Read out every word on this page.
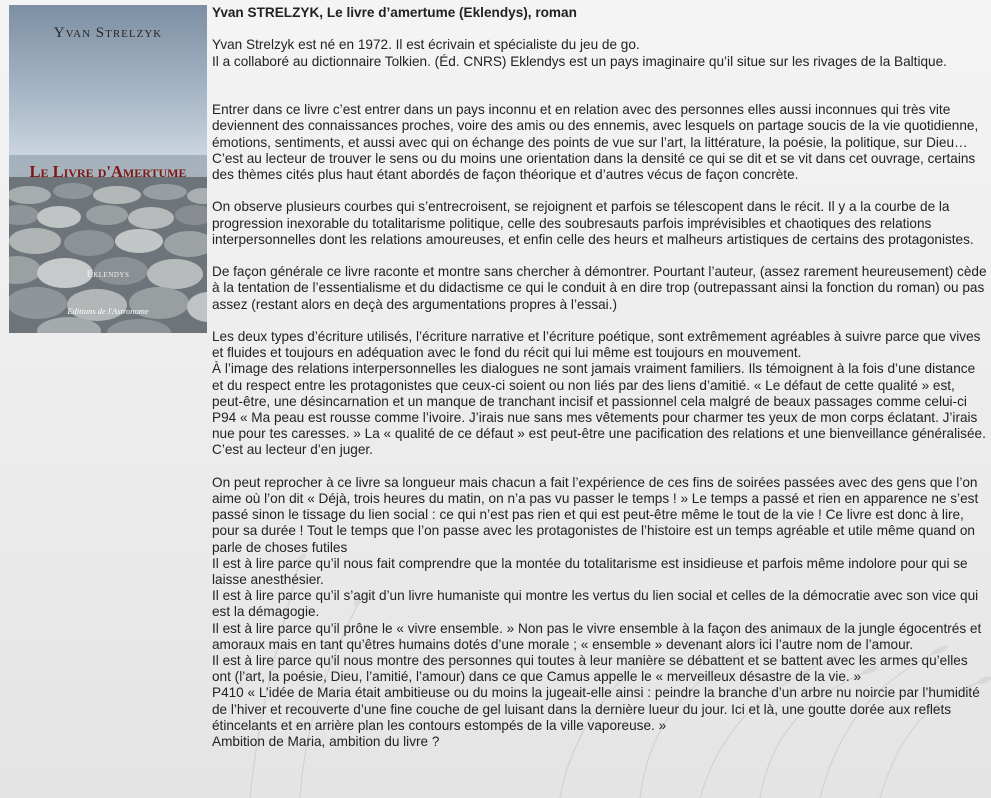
Yvan Strelzyk
Le Livre d'Amertume
Eklendys
Editions de l'Astronome
Yvan STRELZYK, Le livre d’amertume (Eklendys), roman

Yvan Strelzyk est né en 1972. Il est écrivain et spécialiste du jeu de go.

Il a collaboré au dictionnaire Tolkien. (Éd. CNRS) Eklendys est un pays imaginaire qu’il situe sur les rivages de la Baltique.

Entrer dans ce livre c’est entrer dans un pays inconnu et en relation avec des personnes elles aussi inconnues qui très vite deviennent des connaissances proches, voire des amis ou des ennemis, avec lesquels on partage soucis de la vie quotidienne, émotions, sentiments, et aussi avec qui on échange des points de vue sur l’art, la littérature, la poésie, la politique, sur Dieu…

C’est au lecteur de trouver le sens ou du moins une orientation dans la densité ce qui se dit et se vit dans cet ouvrage, certains des thèmes cités plus haut étant abordés de façon théorique et d’autres vécus de façon concrète.

On observe plusieurs courbes qui s’entrecroisent, se rejoignent et parfois se télescopent dans le récit. Il y a la courbe de la progression inexorable du totalitarisme politique, celle des soubresauts parfois imprévisibles et chaotiques des relations interpersonnelles dont les relations amoureuses, et enfin celle des heurs et malheurs artistiques de certains des protagonistes.

De façon générale ce livre raconte et montre sans chercher à démontrer. Pourtant l’auteur, (assez rarement heureusement) cède à la tentation de l’essentialisme et du didactisme ce qui le conduit à en dire trop (outrepassant ainsi la fonction du roman) ou pas assez (restant alors en deçà des argumentations propres à l’essai.)

Les deux types d’écriture utilisés, l’écriture narrative et l’écriture poétique, sont extrêmement agréables à suivre parce que vives et fluides et toujours en adéquation avec le fond du récit qui lui même est toujours en mouvement.

À l’image des relations interpersonnelles les dialogues ne sont jamais vraiment familiers. Ils témoignent à la fois d’une distance et du respect entre les protagonistes que ceux-ci soient ou non liés par des liens d’amitié. « Le défaut de cette qualité » est, peut-être, une désincarnation et un manque de tranchant incisif et passionnel cela malgré de beaux passages comme celui-ci P94 « Ma peau est rousse comme l’ivoire. J’irais nue sans mes vêtements pour charmer tes yeux de mon corps éclatant. J’irais nue pour tes caresses. » La « qualité de ce défaut » est peut-être une pacification des relations et une bienveillance généralisée. C’est au lecteur d’en juger.

On peut reprocher à ce livre sa longueur mais chacun a fait l’expérience de ces fins de soirées passées avec des gens que l’on aime où l’on dit « Déjà, trois heures du matin, on n’a pas vu passer le temps ! » Le temps a passé et rien en apparence ne s’est passé sinon le tissage du lien social : ce qui n’est pas rien et qui est peut-être même le tout de la vie ! Ce livre est donc à lire, pour sa durée ! Tout le temps que l’on passe avec les protagonistes de l’histoire est un temps agréable et utile même quand on parle de choses futiles

Il est à lire parce qu’il nous fait comprendre que la montée du totalitarisme est insidieuse et parfois même indolore pour qui se laisse anesthésier.

Il est à lire parce qu’il s’agit d’un livre humaniste qui montre les vertus du lien social et celles de la démocratie avec son vice qui est la démagogie.

Il est à lire parce qu’il prône le « vivre ensemble. » Non pas le vivre ensemble à la façon des animaux de la jungle égocentrés et amoraux mais en tant qu’êtres humains dotés d’une morale ; « ensemble » devenant alors ici l’autre nom de l’amour.

Il est à lire parce qu’il nous montre des personnes qui toutes à leur manière se débattent et se battent avec les armes qu’elles ont (l’art, la poésie, Dieu, l’amitié, l’amour) dans ce que Camus appelle le « merveilleux désastre de la vie. »

P410 « L’idée de Maria était ambitieuse ou du moins la jugeait-elle ainsi : peindre la branche d’un arbre nu noircie par l’humidité de l’hiver et recouverte d’une fine couche de gel luisant dans la dernière lueur du jour. Ici et là, une goutte dorée aux reflets étincelants et en arrière plan les contours estompés de la ville vaporeuse. »

Ambition de Maria, ambition du livre ?
